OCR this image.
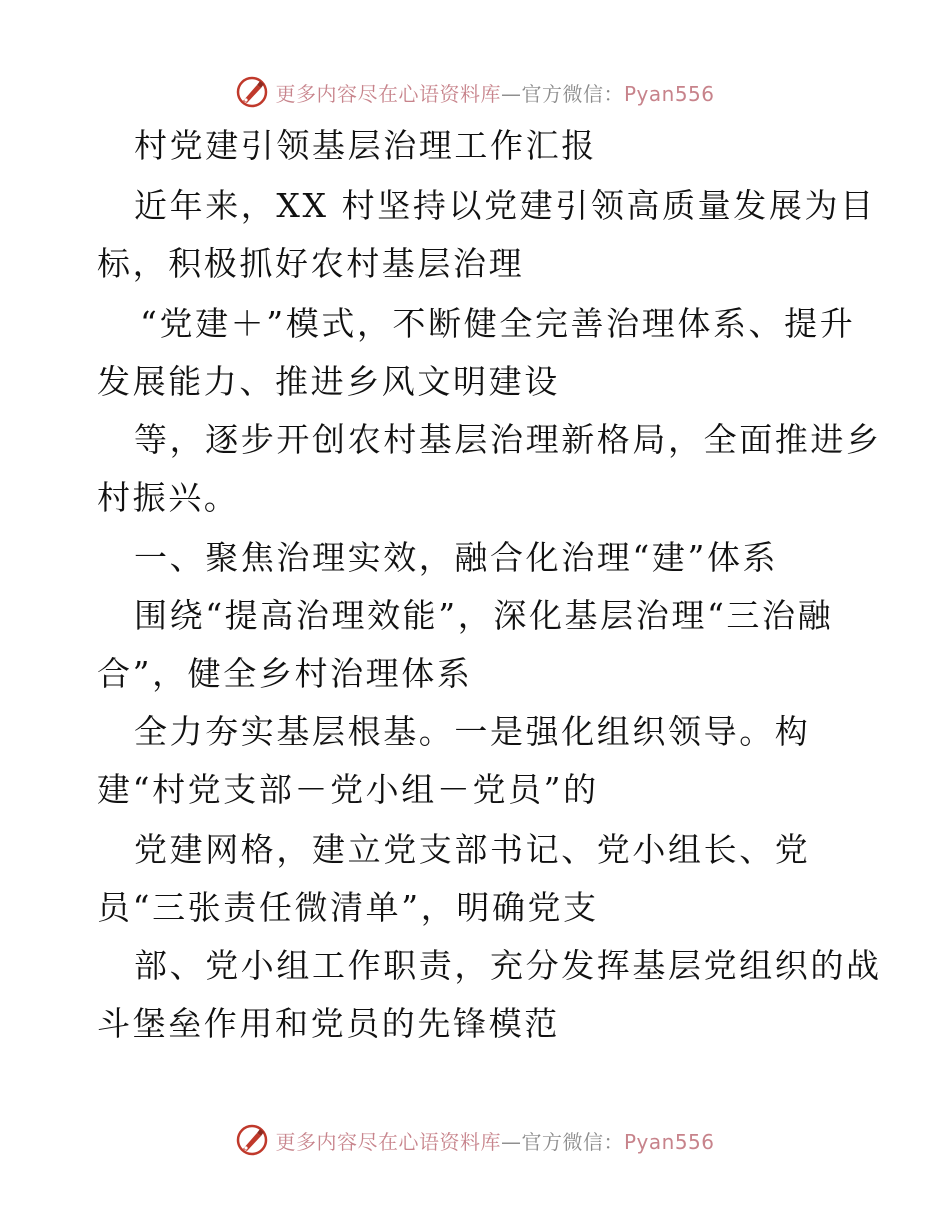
更多内容尽在心语资料库—官方微信：Pyan556
村党建引领基层治理工作汇报
近年来，XX 村坚持以党建引领高质量发展为目
标，积极抓好农村基层治理
“党建＋”模式，不断健全完善治理体系、提升
发展能力、推进乡风文明建设
等，逐步开创农村基层治理新格局，全面推进乡
村振兴。
一、聚焦治理实效，融合化治理“建”体系
围绕“提高治理效能”，深化基层治理“三治融
合”，健全乡村治理体系
全力夯实基层根基。一是强化组织领导。构
建“村党支部－党小组－党员”的
党建网格，建立党支部书记、党小组长、党
员“三张责任微清单”，明确党支
部、党小组工作职责，充分发挥基层党组织的战
斗堡垒作用和党员的先锋模范
更多内容尽在心语资料库—官方微信：Pyan556
